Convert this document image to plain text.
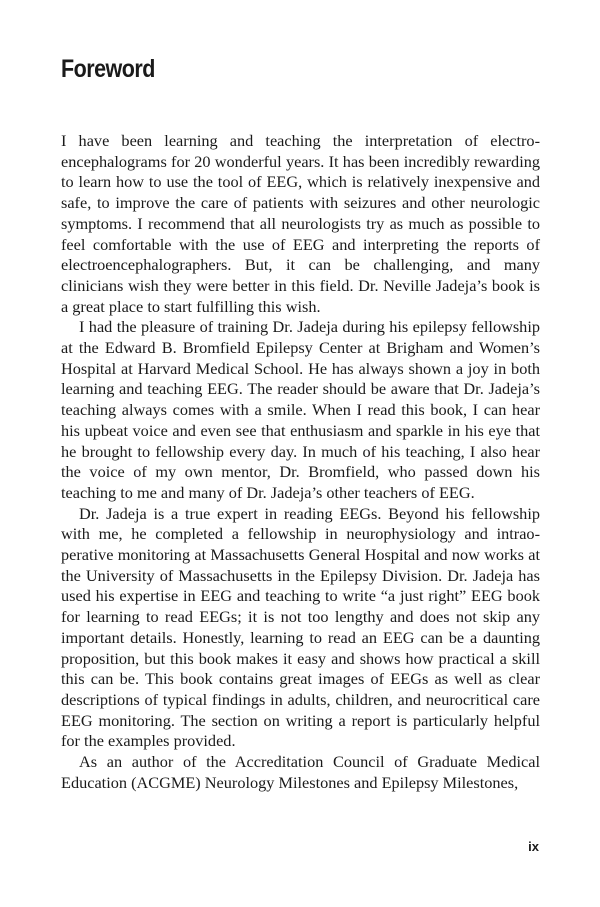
Foreword

I have been learning and teaching the interpretation of electroencephalograms for 20 wonderful years. It has been incredibly rewarding to learn how to use the tool of EEG, which is relatively inexpensive and safe, to improve the care of patients with seizures and other neurologic symptoms. I recommend that all neurologists try as much as possible to feel comfortable with the use of EEG and interpreting the reports of electroencephalographers. But, it can be challenging, and many clinicians wish they were better in this field. Dr. Neville Jadeja’s book is a great place to start fulfilling this wish.

I had the pleasure of training Dr. Jadeja during his epilepsy fellowship at the Edward B. Bromfield Epilepsy Center at Brigham and Women’s Hospital at Harvard Medical School. He has always shown a joy in both learning and teaching EEG. The reader should be aware that Dr. Jadeja’s teaching always comes with a smile. When I read this book, I can hear his upbeat voice and even see that enthusiasm and sparkle in his eye that he brought to fellowship every day. In much of his teaching, I also hear the voice of my own mentor, Dr. Bromfield, who passed down his teaching to me and many of Dr. Jadeja’s other teachers of EEG.

Dr. Jadeja is a true expert in reading EEGs. Beyond his fellowship with me, he completed a fellowship in neurophysiology and intraoperative monitoring at Massachusetts General Hospital and now works at the University of Massachusetts in the Epilepsy Division. Dr. Jadeja has used his expertise in EEG and teaching to write “a just right” EEG book for learning to read EEGs; it is not too lengthy and does not skip any important details. Honestly, learning to read an EEG can be a daunting proposition, but this book makes it easy and shows how practical a skill this can be. This book contains great images of EEGs as well as clear descriptions of typical findings in adults, children, and neurocritical care EEG monitoring. The section on writing a report is particularly helpful for the examples provided.

As an author of the Accreditation Council of Graduate Medical Education (ACGME) Neurology Milestones and Epilepsy Milestones,

ix
